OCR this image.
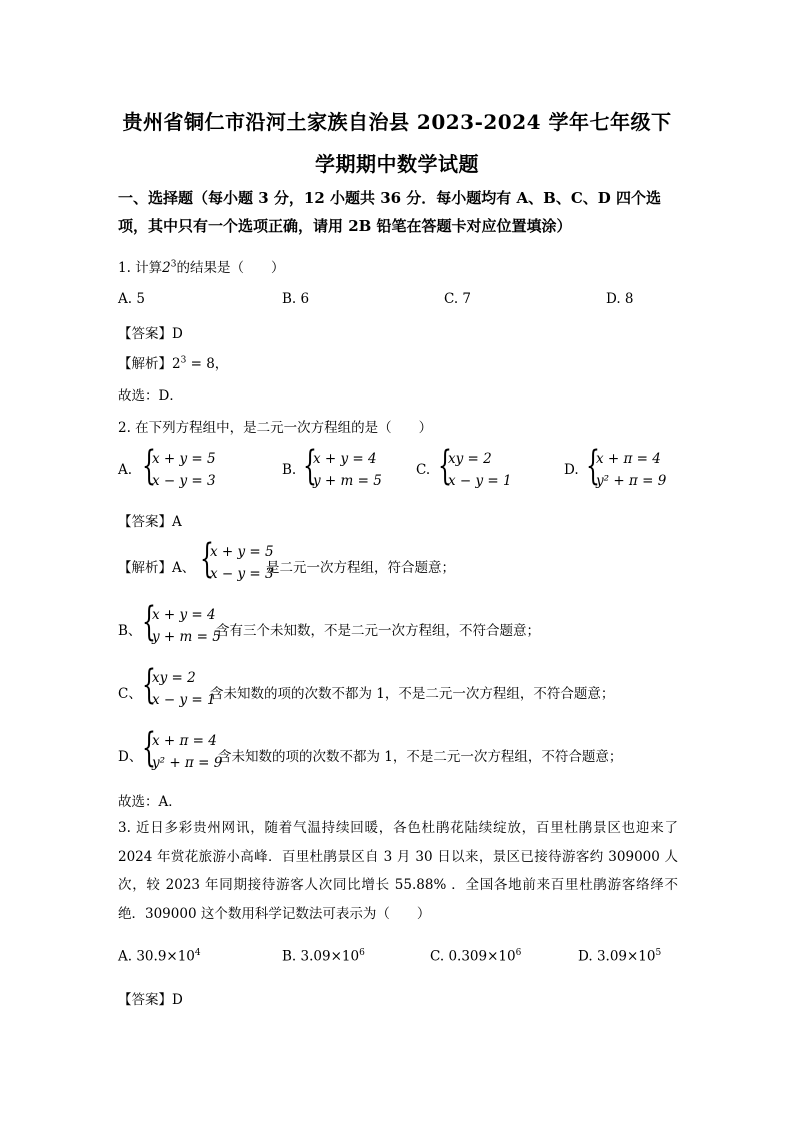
贵州省铜仁市沿河土家族自治县 2023-2024 学年七年级下
学期期中数学试题
一、选择题（每小题 3 分，12 小题共 36 分．每小题均有 A、B、C、D 四个选
项，其中只有一个选项正确，请用 2B 铅笔在答题卡对应位置填涂）
1. 计算$2^3$的结果是（　　）
A. 5	B. 6	C. 7	D. 8
【答案】D
【解析】$2^3 = 8$，
故选：D．
2. 在下列方程组中，是二元一次方程组的是（　　）
A. {
x + y = 5
x − y = 3
B. {
x + y = 4
y + m = 5
C. {
xy = 2
x − y = 1
D. {
x + π = 4
y² + π = 9
【答案】A
【解析】A、 {
x + y = 5
x − y = 3
是二元一次方程组，符合题意；
B、 {
x + y = 4
y + m = 5
含有三个未知数，不是二元一次方程组，不符合题意；
C、 {
xy = 2
x − y = 1
含未知数的项的次数不都为 1，不是二元一次方程组，不符合题意；
D、 {
x + π = 4
y² + π = 9
含未知数的项的次数不都为 1，不是二元一次方程组，不符合题意；
故选：A．
3. 近日多彩贵州网讯，随着气温持续回暖，各色杜鹃花陆续绽放，百里杜鹃景区也迎来了 2024 年赏花旅游小高峰．百里杜鹃景区自 3 月 30 日以来，景区已接待游客约 309000 人次，较 2023 年同期接待游客人次同比增长 55.88% ．全国各地前来百里杜鹃游客络绎不绝．309000 这个数用科学记数法可表示为（　　）
A. $30.9\times 10^4$	B. $3.09\times 10^6$	C. $0.309\times 10^6$	D. $3.09\times 10^5$
【答案】D
